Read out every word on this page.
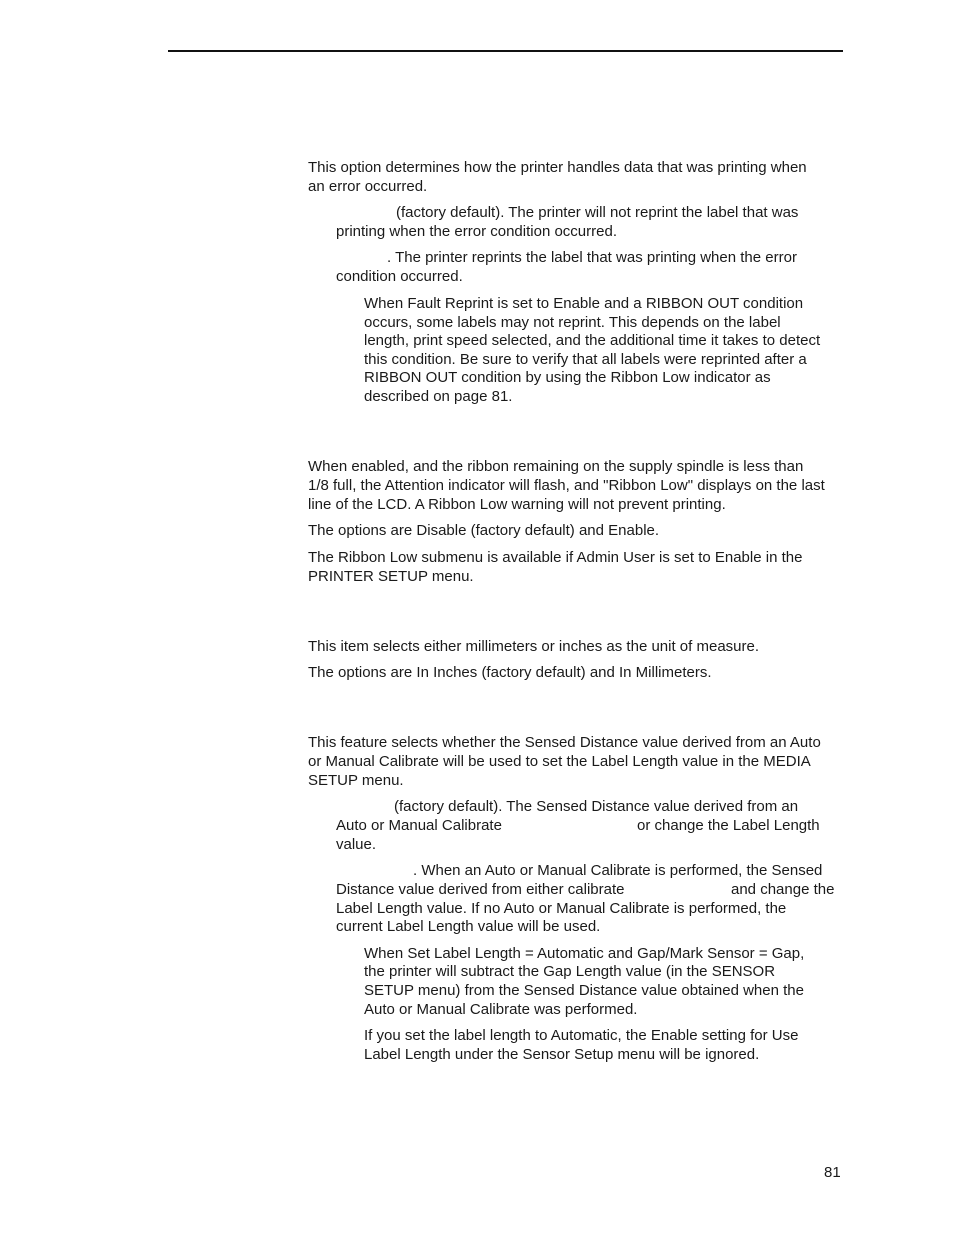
This option determines how the printer handles data that was printing when
an error occurred.
(factory default). The printer will not reprint the label that was
printing when the error condition occurred.
. The printer reprints the label that was printing when the error
condition occurred.
When Fault Reprint is set to Enable and a RIBBON OUT condition
occurs, some labels may not reprint. This depends on the label
length, print speed selected, and the additional time it takes to detect
this condition. Be sure to verify that all labels were reprinted after a
RIBBON OUT condition by using the Ribbon Low indicator as
described on page 81.
When enabled, and the ribbon remaining on the supply spindle is less than
1/8 full, the Attention indicator will flash, and "Ribbon Low" displays on the last
line of the LCD. A Ribbon Low warning will not prevent printing.
The options are Disable (factory default) and Enable.
The Ribbon Low submenu is available if Admin User is set to Enable in the
PRINTER SETUP menu.
This item selects either millimeters or inches as the unit of measure.
The options are In Inches (factory default) and In Millimeters.
This feature selects whether the Sensed Distance value derived from an Auto
or Manual Calibrate will be used to set the Label Length value in the MEDIA
SETUP menu.
(factory default). The Sensed Distance value derived from an
Auto or Manual Calibrate	or change the Label Length
value.
. When an Auto or Manual Calibrate is performed, the Sensed
Distance value derived from either calibrate	and change the
Label Length value. If no Auto or Manual Calibrate is performed, the
current Label Length value will be used.
When Set Label Length = Automatic and Gap/Mark Sensor = Gap,
the printer will subtract the Gap Length value (in the SENSOR
SETUP menu) from the Sensed Distance value obtained when the
Auto or Manual Calibrate was performed.
If you set the label length to Automatic, the Enable setting for Use
Label Length under the Sensor Setup menu will be ignored.
81
